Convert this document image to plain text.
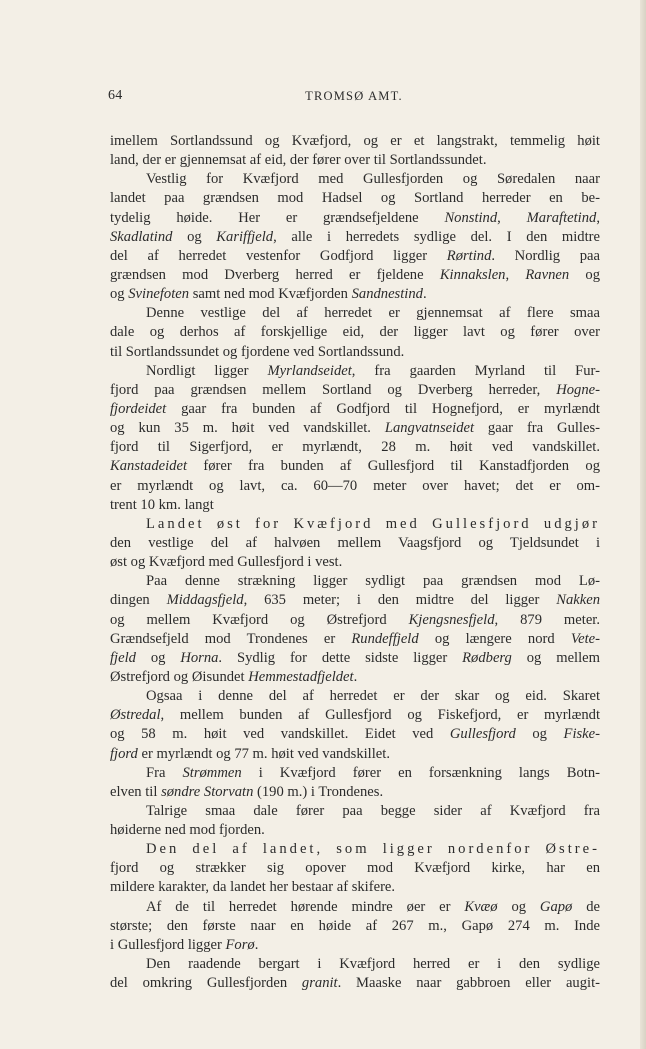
64	TROMSØ AMT.
imellem Sortlandssund og Kvæfjord, og er et langstrakt, temmelig høit
land, der er gjennemsat af eid, der fører over til Sortlandssundet.
Vestlig for Kvæfjord med Gullesfjorden og Søredalen naar
landet paa grændsen mod Hadsel og Sortland herreder en be-
tydelig høide. Her er grændsefjeldene Nonstind, Maraftetind,
Skadlatind og Kariffjeld, alle i herredets sydlige del. I den midtre
del af herredet vestenfor Godfjord ligger Rørtind. Nordlig paa
grændsen mod Dverberg herred er fjeldene Kinnakslen, Ravnen og
og Svinefoten samt ned mod Kvæfjorden Sandnestind.
Denne vestlige del af herredet er gjennemsat af flere smaa
dale og derhos af forskjellige eid, der ligger lavt og fører over
til Sortlandssundet og fjordene ved Sortlandssund.
Nordligt ligger Myrlandseidet, fra gaarden Myrland til Fur-
fjord paa grændsen mellem Sortland og Dverberg herreder, Hogne-
fjordeidet gaar fra bunden af Godfjord til Hognefjord, er myrlændt
og kun 35 m. høit ved vandskillet. Langvatnseidet gaar fra Gulles-
fjord til Sigerfjord, er myrlændt, 28 m. høit ved vandskillet.
Kanstadeidet fører fra bunden af Gullesfjord til Kanstadfjorden og
er myrlændt og lavt, ca. 60—70 meter over havet; det er om-
trent 10 km. langt
Landet øst for Kvæfjord med Gullesfjord udgjør
den vestlige del af halvøen mellem Vaagsfjord og Tjeldsundet i
øst og Kvæfjord med Gullesfjord i vest.
Paa denne strækning ligger sydligt paa grændsen mod Lø-
dingen Middagsfjeld, 635 meter; i den midtre del ligger Nakken
og mellem Kvæfjord og Østrefjord Kjengsnesfjeld, 879 meter.
Grændsefjeld mod Trondenes er Rundeffjeld og længere nord Vete-
fjeld og Horna. Sydlig for dette sidste ligger Rødberg og mellem
Østrefjord og Øisundet Hemmestadfjeldet.
Ogsaa i denne del af herredet er der skar og eid. Skaret
Østredal, mellem bunden af Gullesfjord og Fiskefjord, er myrlændt
og 58 m. høit ved vandskillet. Eidet ved Gullesfjord og Fiske-
fjord er myrlændt og 77 m. høit ved vandskillet.
Fra Strømmen i Kvæfjord fører en forsænkning langs Botn-
elven til søndre Storvatn (190 m.) i Trondenes.
Talrige smaa dale fører paa begge sider af Kvæfjord fra
høiderne ned mod fjorden.
Den del af landet, som ligger nordenfor Østre-
fjord og strækker sig opover mod Kvæfjord kirke, har en
mildere karakter, da landet her bestaar af skifere.
Af de til herredet hørende mindre øer er Kvæø og Gapø de
største; den første naar en høide af 267 m., Gapø 274 m. Inde
i Gullesfjord ligger Forø.
Den raadende bergart i Kvæfjord herred er i den sydlige
del omkring Gullesfjorden granit. Maaske naar gabbroen eller augit-
